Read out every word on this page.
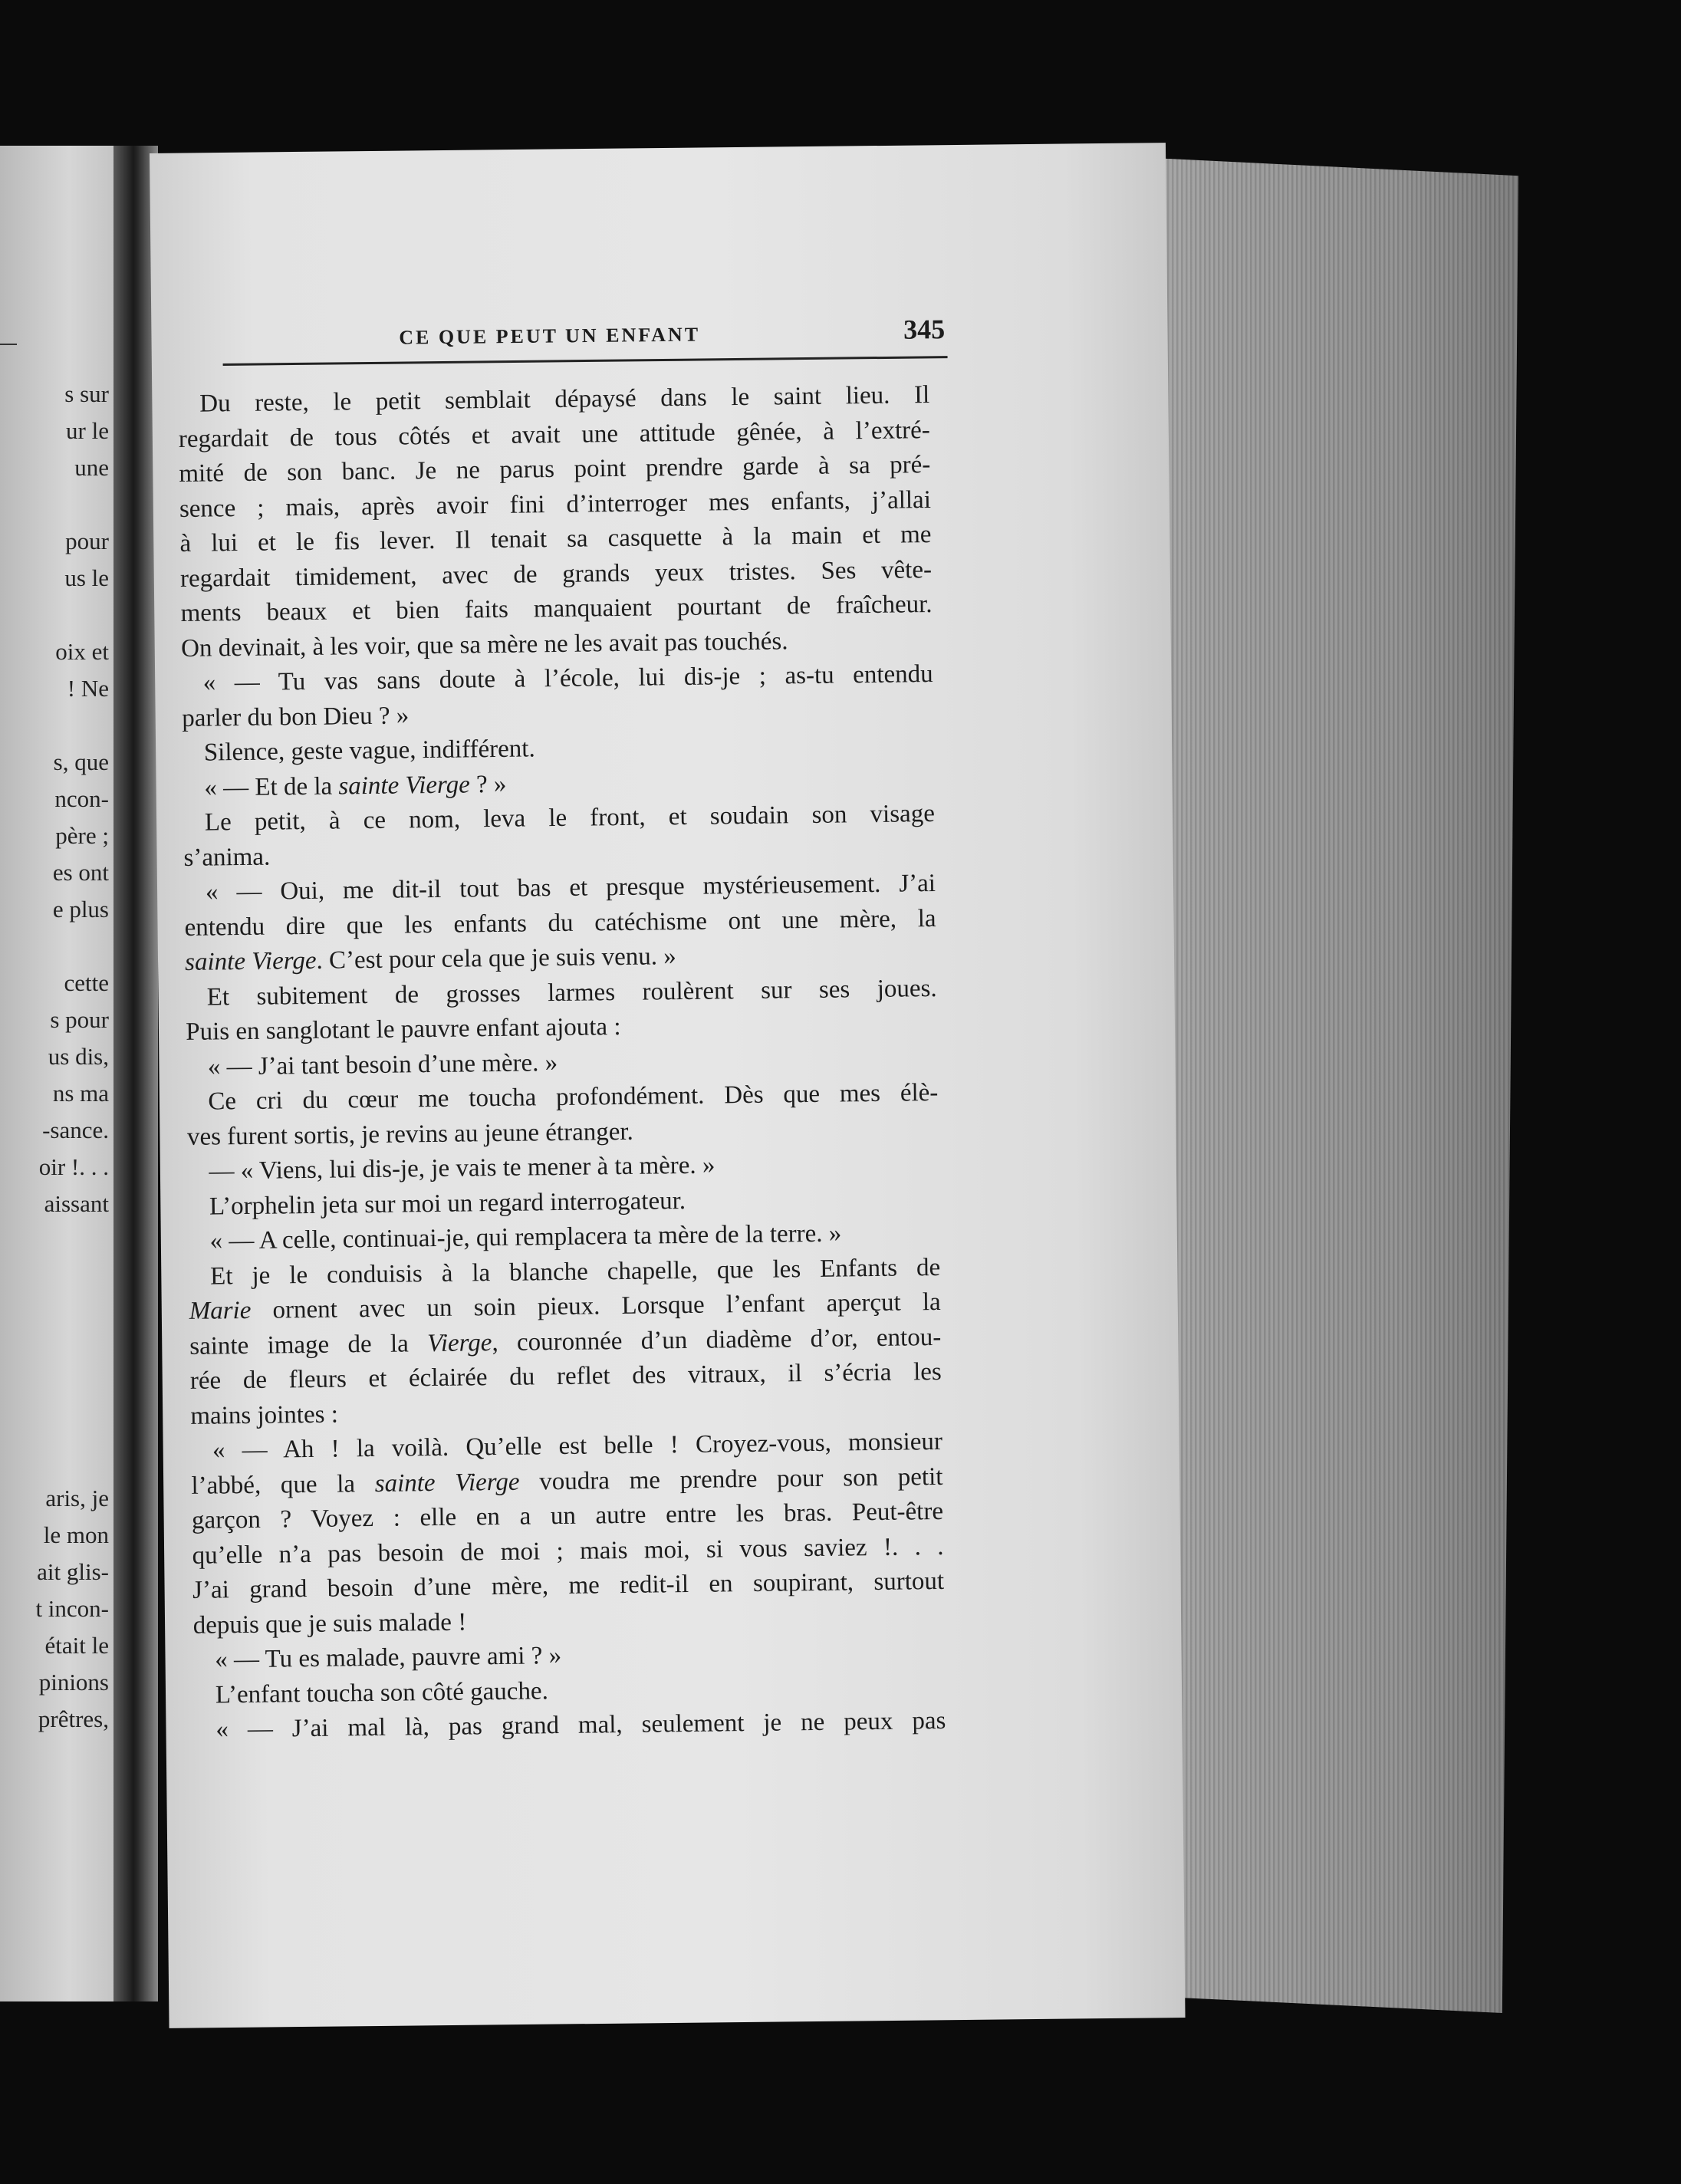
s sur
ur le
une
pour
us le
oix et
! Ne
s, que
ncon-
père ;
es ont
e plus
cette
s pour
us dis,
ns ma
-sance.
oir !. . .
aissant
aris, je
le mon
ait glis-
t incon-
était le
pinions
prêtres,
CE QUE PEUT UN ENFANT	345
Du reste, le petit semblait dépaysé dans le saint lieu. Il
regardait de tous côtés et avait une attitude gênée, à l’extré-
mité de son banc. Je ne parus point prendre garde à sa pré-
sence ; mais, après avoir fini d’interroger mes enfants, j’allai
à lui et le fis lever. Il tenait sa casquette à la main et me
regardait timidement, avec de grands yeux tristes. Ses vête-
ments beaux et bien faits manquaient pourtant de fraîcheur.
On devinait, à les voir, que sa mère ne les avait pas touchés.
« — Tu vas sans doute à l’école, lui dis-je ; as-tu entendu
parler du bon Dieu ? »
Silence, geste vague, indifférent.
« — Et de la sainte Vierge ? »
Le petit, à ce nom, leva le front, et soudain son visage
s’anima.
« — Oui, me dit-il tout bas et presque mystérieusement. J’ai
entendu dire que les enfants du catéchisme ont une mère, la
sainte Vierge. C’est pour cela que je suis venu. »
Et subitement de grosses larmes roulèrent sur ses joues.
Puis en sanglotant le pauvre enfant ajouta :
« — J’ai tant besoin d’une mère. »
Ce cri du cœur me toucha profondément. Dès que mes élè-
ves furent sortis, je revins au jeune étranger.
— « Viens, lui dis-je, je vais te mener à ta mère. »
L’orphelin jeta sur moi un regard interrogateur.
« — A celle, continuai-je, qui remplacera ta mère de la terre. »
Et je le conduisis à la blanche chapelle, que les Enfants de
Marie ornent avec un soin pieux. Lorsque l’enfant aperçut la
sainte image de la Vierge, couronnée d’un diadème d’or, entou-
rée de fleurs et éclairée du reflet des vitraux, il s’écria les
mains jointes :
« — Ah ! la voilà. Qu’elle est belle ! Croyez-vous, monsieur
l’abbé, que la sainte Vierge voudra me prendre pour son petit
garçon ? Voyez : elle en a un autre entre les bras. Peut-être
qu’elle n’a pas besoin de moi ; mais moi, si vous saviez !. . .
J’ai grand besoin d’une mère, me redit-il en soupirant, surtout
depuis que je suis malade !
« — Tu es malade, pauvre ami ? »
L’enfant toucha son côté gauche.
« — J’ai mal là, pas grand mal, seulement je ne peux pas
